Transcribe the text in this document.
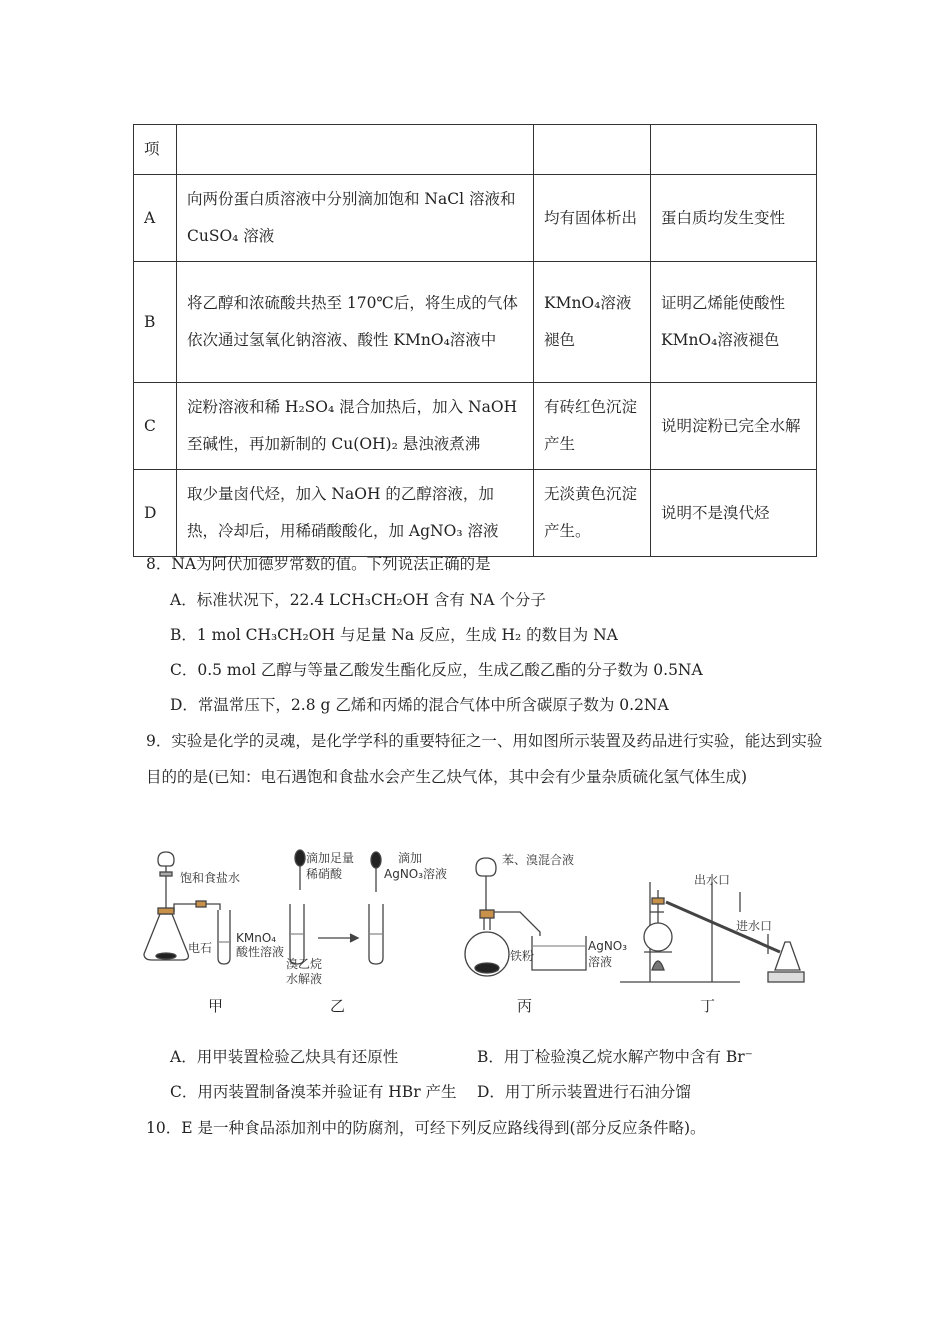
项			
A	向两份蛋白质溶液中分别滴加饱和 NaCl 溶液和 CuSO₄ 溶液	均有固体析出	蛋白质均发生变性
B	将乙醇和浓硫酸共热至 170℃后，将生成的气体依次通过氢氧化钠溶液、酸性 KMnO₄溶液中	KMnO₄溶液褪色	证明乙烯能使酸性 KMnO₄溶液褪色
C	淀粉溶液和稀 H₂SO₄ 混合加热后，加入 NaOH 至碱性，再加新制的 Cu(OH)₂ 悬浊液煮沸	有砖红色沉淀产生	说明淀粉已完全水解
D	取少量卤代烃，加入 NaOH 的乙醇溶液，加热，冷却后，用稀硝酸酸化，加 AgNO₃ 溶液	无淡黄色沉淀产生。	说明不是溴代烃
8．NA为阿伏加德罗常数的值。下列说法正确的是
A．标准状况下，22.4 LCH₃CH₂OH 含有 NA 个分子
B．1 mol CH₃CH₂OH 与足量 Na 反应，生成 H₂ 的数目为 NA
C．0.5 mol 乙醇与等量乙酸发生酯化反应，生成乙酸乙酯的分子数为 0.5NA
D．常温常压下，2.8 g 乙烯和丙烯的混合气体中所含碳原子数为 0.2NA
9．实验是化学的灵魂，是化学学科的重要特征之一、用如图所示装置及药品进行实验，能达到实验目的的是(已知：电石遇饱和食盐水会产生乙炔气体，其中会有少量杂质硫化氢气体生成)
饱和食盐水
电石
KMnO₄
酸性溶液
滴加足量
稀硝酸
滴加
AgNO₃溶液
溴乙烷
水解液
苯、溴混合液
铁粉
AgNO₃
溶液
出水口
进水口
甲	乙	丙	丁
A．用甲装置检验乙炔具有还原性	B．用丁检验溴乙烷水解产物中含有 Br⁻
C．用丙装置制备溴苯并验证有 HBr 产生 D．用丁所示装置进行石油分馏
10．E 是一种食品添加剂中的防腐剂，可经下列反应路线得到(部分反应条件略)。
